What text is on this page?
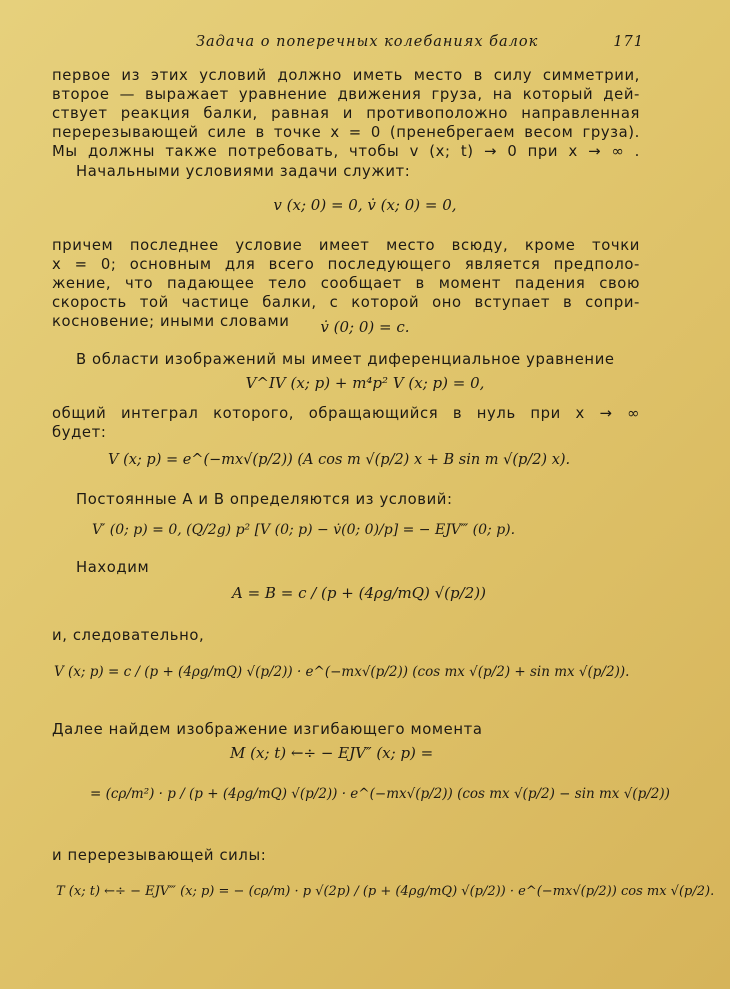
Задача о поперечных колебаниях балок	171
первое из этих условий должно иметь место в силу симметрии,
второе — выражает уравнение движения груза, на который дей-
ствует реакция балки, равная и противоположно направленная
перерезывающей силе в точке x = 0 (пренебрегаем весом груза).
Мы должны также потребовать, чтобы v (x; t) → 0 при x → ∞ .
Начальными условиями задачи служит:
v (x; 0) = 0, v̇ (x; 0) = 0,
причем последнее условие имеет место всюду, кроме точки
x = 0; основным для всего последующего является предполо-
жение, что падающее тело сообщает в момент падения свою
скорость той частице балки, с которой оно вступает в сопри-
косновение; иными словами	v̇ (0; 0) = c.
В области изображений мы имеет диференциальное уравнение
V^IV (x; p) + m⁴p² V (x; p) = 0,
общий интеграл которого, обращающийся в нуль при x → ∞
будет:
V (x; p) = e^(−mx√(p/2)) (A cos m √(p/2) x + B sin m √(p/2) x).
Постоянные A и B определяются из условий:
V′ (0; p) = 0, (Q/2g) p² [V (0; p) − v̇(0; 0)/p] = − EJV‴ (0; p).
Находим
A = B = c / (p + (4ρg/mQ) √(p/2))
и, следовательно,
V (x; p) = c / (p + (4ρg/mQ) √(p/2)) · e^(−mx√(p/2)) (cos mx √(p/2) + sin mx √(p/2)).
Далее найдем изображение изгибающего момента
M (x; t) ←÷ − EJV″ (x; p) =
= (cρ/m²) · p / (p + (4ρg/mQ) √(p/2)) · e^(−mx√(p/2)) (cos mx √(p/2) − sin mx √(p/2))
и перерезывающей силы:
T (x; t) ←÷ − EJV‴ (x; p) = − (cρ/m) · p √(2p) / (p + (4ρg/mQ) √(p/2)) · e^(−mx√(p/2)) cos mx √(p/2).
